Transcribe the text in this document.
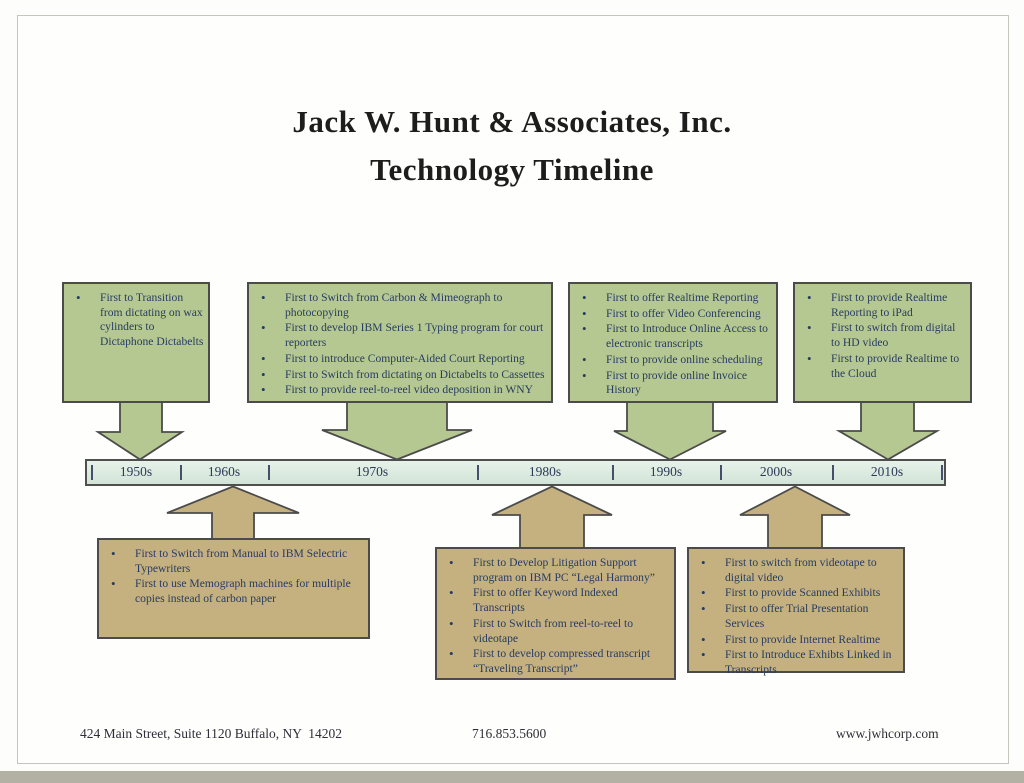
Jack W. Hunt & Associates, Inc.
Technology Timeline
• First to Transition from dictating on wax cylinders to Dictaphone Dictabelts
• First to Switch from Carbon & Mimeograph to photocopying
• First to develop IBM Series 1 Typing program for court reporters
• First to introduce Computer-Aided Court Reporting
• First to Switch from dictating on Dictabelts to Cassettes
• First to provide reel-to-reel video deposition in WNY
• First to offer Realtime Reporting
• First to offer Video Conferencing
• First to Introduce Online Access to electronic transcripts
• First to provide online scheduling
• First to provide online Invoice History
• First to provide Realtime Reporting to iPad
• First to switch from digital to HD video
• First to provide Realtime to the Cloud
1950s	1960s	1970s	1980s	1990s	2000s	2010s
• First to Switch from Manual to IBM Selectric Typewriters
• First to use Memograph machines for multiple copies instead of carbon paper
• First to Develop Litigation Support program on IBM PC “Legal Harmony”
• First to offer Keyword Indexed Transcripts
• First to Switch from reel-to-reel to videotape
• First to develop compressed transcript “Traveling Transcript”
• First to switch from videotape to digital video
• First to provide Scanned Exhibits
• First to offer Trial Presentation Services
• First to provide Internet Realtime
• First to Introduce Exhibts Linked in Transcripts
424 Main Street, Suite 1120 Buffalo, NY  14202	716.853.5600	www.jwhcorp.com
